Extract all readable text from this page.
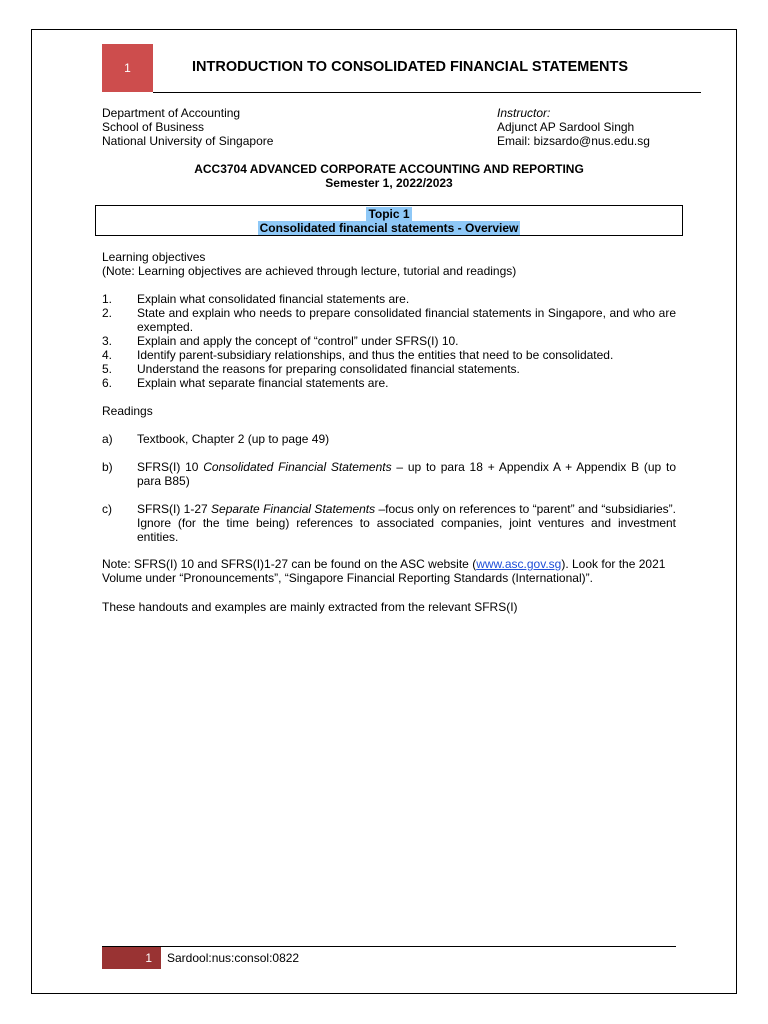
1	INTRODUCTION TO CONSOLIDATED FINANCIAL STATEMENTS
Department of Accounting
School of Business
National University of Singapore
Instructor:
Adjunct AP Sardool Singh
Email: bizsardo@nus.edu.sg
ACC3704 ADVANCED CORPORATE ACCOUNTING AND REPORTING
Semester 1, 2022/2023
Topic 1
Consolidated financial statements - Overview
Learning objectives
(Note: Learning objectives are achieved through lecture, tutorial and readings)
1. Explain what consolidated financial statements are.
2. State and explain who needs to prepare consolidated financial statements in Singapore, and who are exempted.
3. Explain and apply the concept of “control” under SFRS(I) 10.
4. Identify parent-subsidiary relationships, and thus the entities that need to be consolidated.
5. Understand the reasons for preparing consolidated financial statements.
6. Explain what separate financial statements are.
Readings
a) Textbook, Chapter 2 (up to page 49)
b) SFRS(I) 10 Consolidated Financial Statements – up to para 18 + Appendix A + Appendix B (up to para B85)
c) SFRS(I) 1-27 Separate Financial Statements –focus only on references to “parent” and “subsidiaries”. Ignore (for the time being) references to associated companies, joint ventures and investment entities.
Note: SFRS(I) 10 and SFRS(I)1-27 can be found on the ASC website (www.asc.gov.sg). Look for the 2021 Volume under “Pronouncements”, “Singapore Financial Reporting Standards (International)”.
These handouts and examples are mainly extracted from the relevant SFRS(I)
1	Sardool:nus:consol:0822
